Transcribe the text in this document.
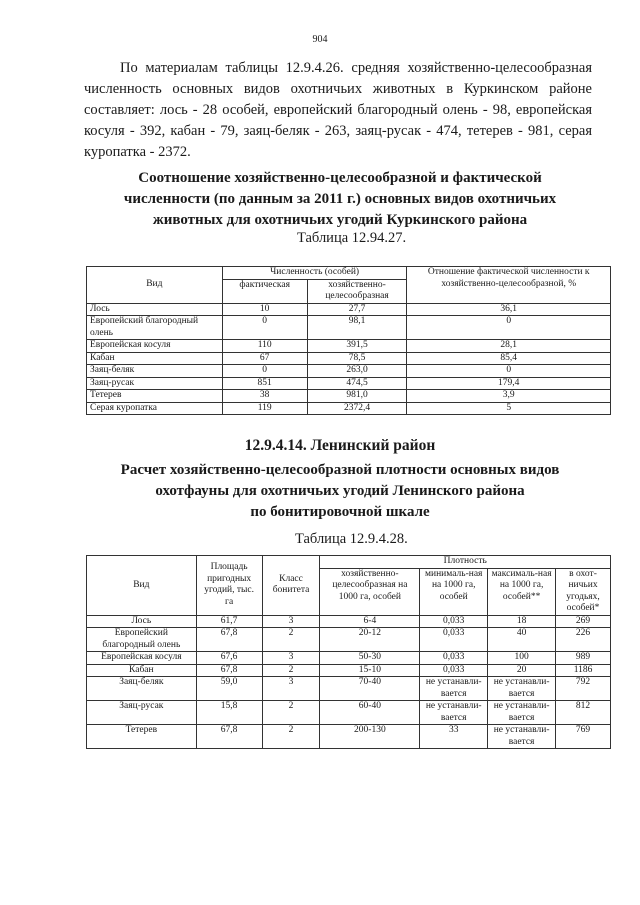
904

По материалам таблицы 12.9.4.26. средняя хозяйственно-целесообразная численность основных видов охотничьих животных в Куркинском районе составляет: лось - 28 особей, европейский благородный олень - 98, европейская косуля - 392, кабан - 79, заяц-беляк - 263, заяц-русак - 474, тетерев - 981, серая куропатка - 2372.

Соотношение хозяйственно-целесообразной и фактической
численности (по данным за 2011 г.) основных видов охотничьих
животных для охотничьих угодий Куркинского района
Таблица 12.94.27.
Вид	Численность (особей)		Отношение фактической численности к хозяйственно-целесообразной, %
	фактическая	хозяйственно-целесообразная	
Лось	10	27,7	36,1
Европейский благородный олень	0	98,1	0
Европейская косуля	110	391,5	28,1
Кабан	67	78,5	85,4
Заяц-беляк	0	263,0	0
Заяц-русак	851	474,5	179,4
Тетерев	38	981,0	3,9
Серая куропатка	119	2372,4	5
12.9.4.14. Ленинский район
Расчет хозяйственно-целесообразной плотности основных видов
охотфауны для охотничьих угодий Ленинского района
по бонитировочной шкале
Таблица 12.9.4.28.
Вид	Площадь пригодных угодий, тыс. га	Класс бонитета	Плотность			
			хозяйственно-целесообразная на 1000 га, особей	минималь-ная на 1000 га, особей	максималь-ная на 1000 га, особей**	в охот-ничьих угодьях, особей*
Лось	61,7	3	6-4	0,033	18	269
Европейский благородный олень	67,8	2	20-12	0,033	40	226
Европейская косуля	67,6	3	50-30	0,033	100	989
Кабан	67,8	2	15-10	0,033	20	1186
Заяц-беляк	59,0	3	70-40	не устанавли-вается	не устанавли-вается	792
Заяц-русак	15,8	2	60-40	не устанавли-вается	не устанавли-вается	812
Тетерев	67,8	2	200-130	33	не устанавли-вается	769
